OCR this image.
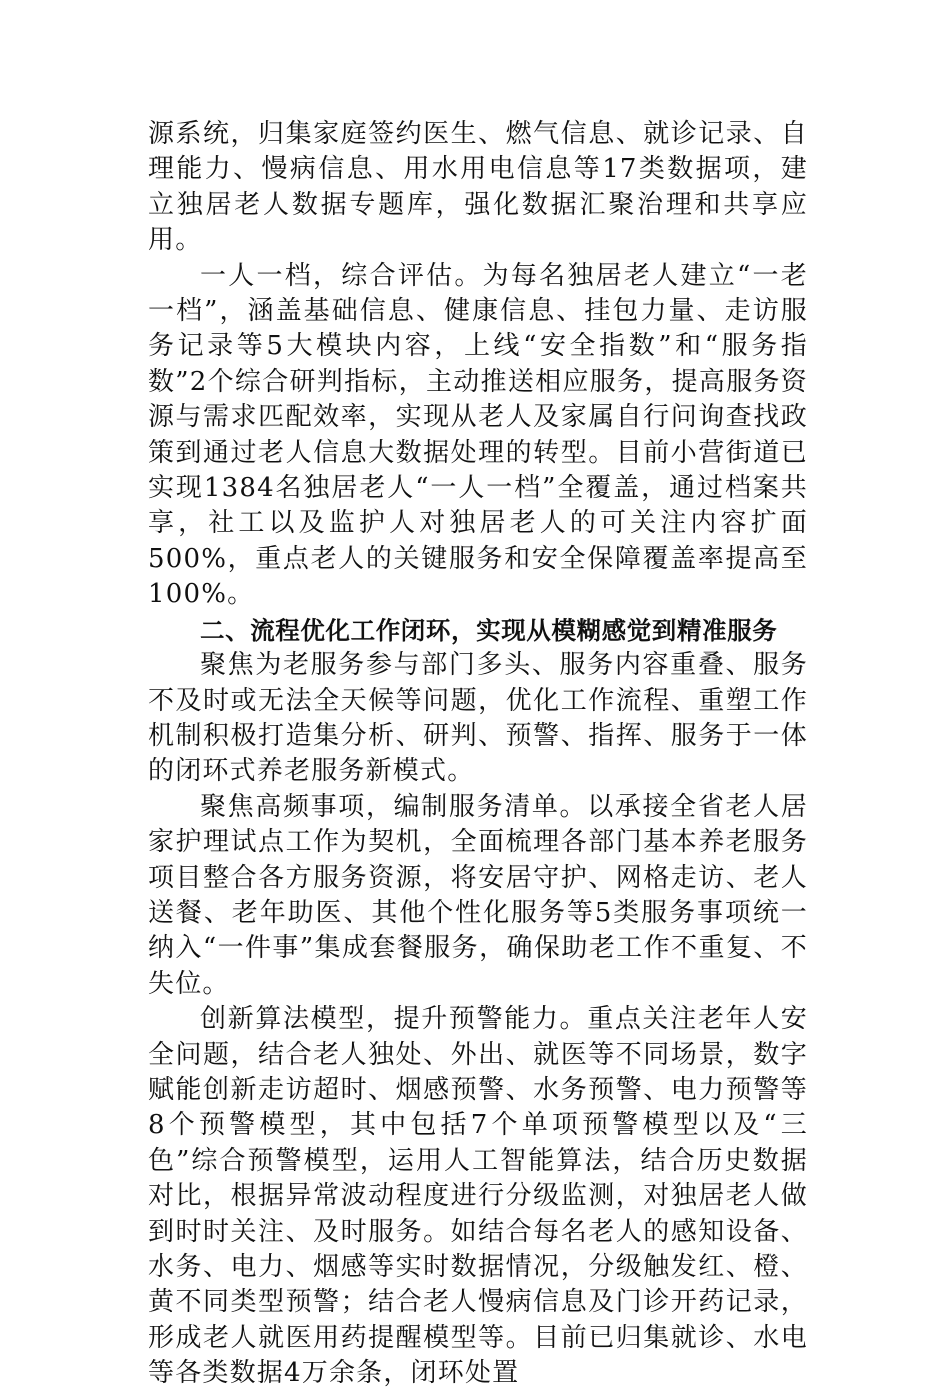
源系统，归集家庭签约医生、燃气信息、就诊记录、自理能力、慢病信息、用水用电信息等17类数据项，建立独居老人数据专题库，强化数据汇聚治理和共享应用。

一人一档，综合评估。为每名独居老人建立“一老一档”，涵盖基础信息、健康信息、挂包力量、走访服务记录等5大模块内容，上线“安全指数”和“服务指数”2个综合研判指标，主动推送相应服务，提高服务资源与需求匹配效率，实现从老人及家属自行问询查找政策到通过老人信息大数据处理的转型。目前小营街道已实现1384名独居老人“一人一档”全覆盖，通过档案共享，社工以及监护人对独居老人的可关注内容扩面500%，重点老人的关键服务和安全保障覆盖率提高至100%。

二、流程优化工作闭环，实现从模糊感觉到精准服务

聚焦为老服务参与部门多头、服务内容重叠、服务不及时或无法全天候等问题，优化工作流程、重塑工作机制积极打造集分析、研判、预警、指挥、服务于一体的闭环式养老服务新模式。

聚焦高频事项，编制服务清单。以承接全省老人居家护理试点工作为契机，全面梳理各部门基本养老服务项目整合各方服务资源，将安居守护、网格走访、老人送餐、老年助医、其他个性化服务等5类服务事项统一纳入“一件事”集成套餐服务，确保助老工作不重复、不失位。

创新算法模型，提升预警能力。重点关注老年人安全问题，结合老人独处、外出、就医等不同场景，数字赋能创新走访超时、烟感预警、水务预警、电力预警等8个预警模型，其中包括7个单项预警模型以及“三色”综合预警模型，运用人工智能算法，结合历史数据对比，根据异常波动程度进行分级监测，对独居老人做到时时关注、及时服务。如结合每名老人的感知设备、水务、电力、烟感等实时数据情况，分级触发红、橙、黄不同类型预警；结合老人慢病信息及门诊开药记录，形成老人就医用药提醒模型等。目前已归集就诊、水电等各类数据4万余条，闭环处置
